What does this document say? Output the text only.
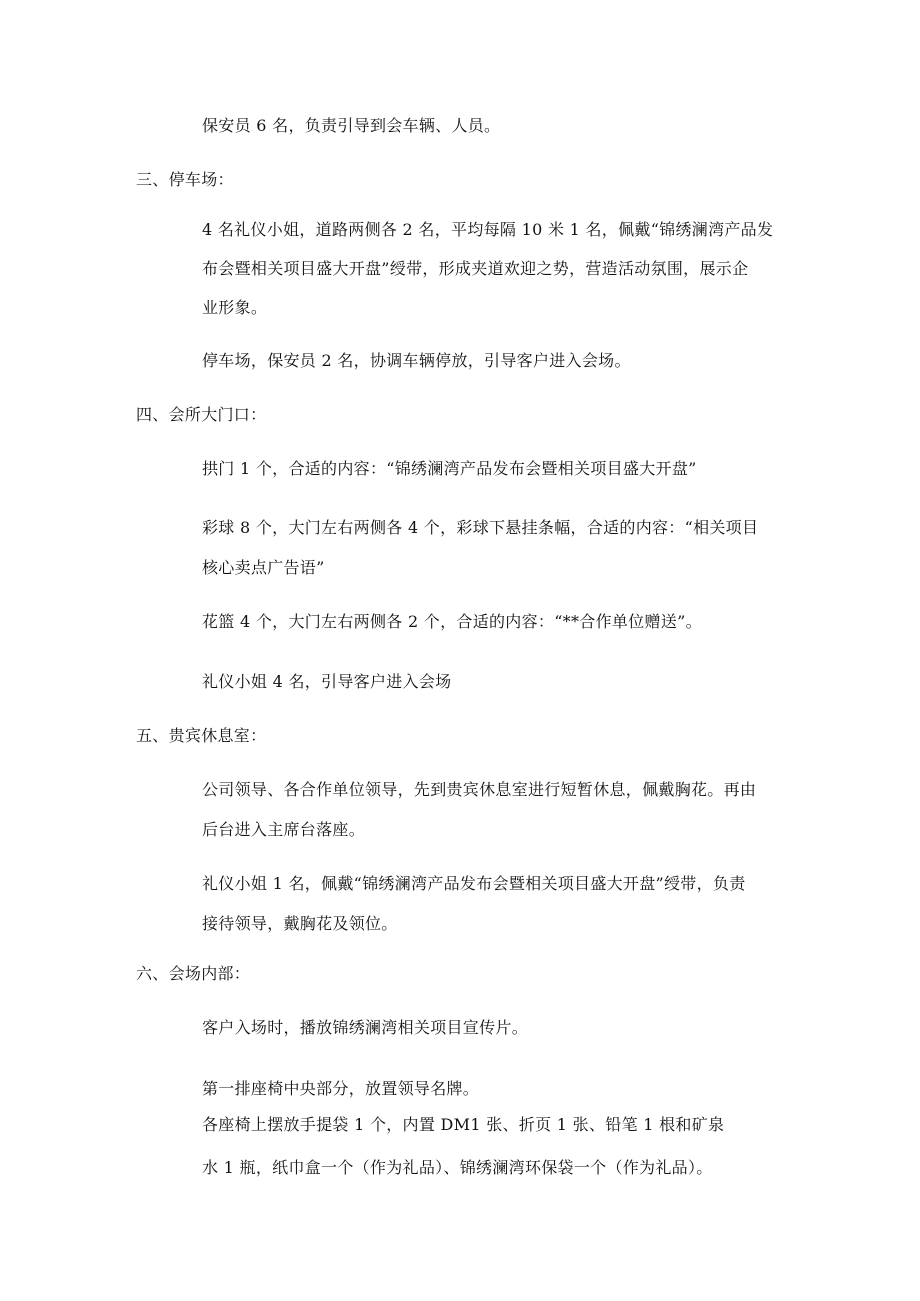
保安员 6 名，负责引导到会车辆、人员。
三、停车场：
4 名礼仪小姐，道路两侧各 2 名，平均每隔 10 米 1 名，佩戴“锦绣澜湾产品发
布会暨相关项目盛大开盘”绶带，形成夹道欢迎之势，营造活动氛围，展示企
业形象。
停车场，保安员 2 名，协调车辆停放，引导客户进入会场。
四、会所大门口：
拱门 1 个，合适的内容：“锦绣澜湾产品发布会暨相关项目盛大开盘”
彩球 8 个，大门左右两侧各 4 个，彩球下悬挂条幅，合适的内容：“相关项目
核心卖点广告语”
花篮 4 个，大门左右两侧各 2 个，合适的内容：“**合作单位赠送”。
礼仪小姐 4 名，引导客户进入会场
五、贵宾休息室：
公司领导、各合作单位领导，先到贵宾休息室进行短暂休息，佩戴胸花。再由
后台进入主席台落座。
礼仪小姐 1 名，佩戴“锦绣澜湾产品发布会暨相关项目盛大开盘”绶带，负责
接待领导，戴胸花及领位。
六、会场内部：
客户入场时，播放锦绣澜湾相关项目宣传片。
第一排座椅中央部分，放置领导名牌。
各座椅上摆放手提袋 1 个，内置 DM1 张、折页 1 张、铅笔 1 根和矿泉
水 1 瓶，纸巾盒一个（作为礼品）、锦绣澜湾环保袋一个（作为礼品）。
